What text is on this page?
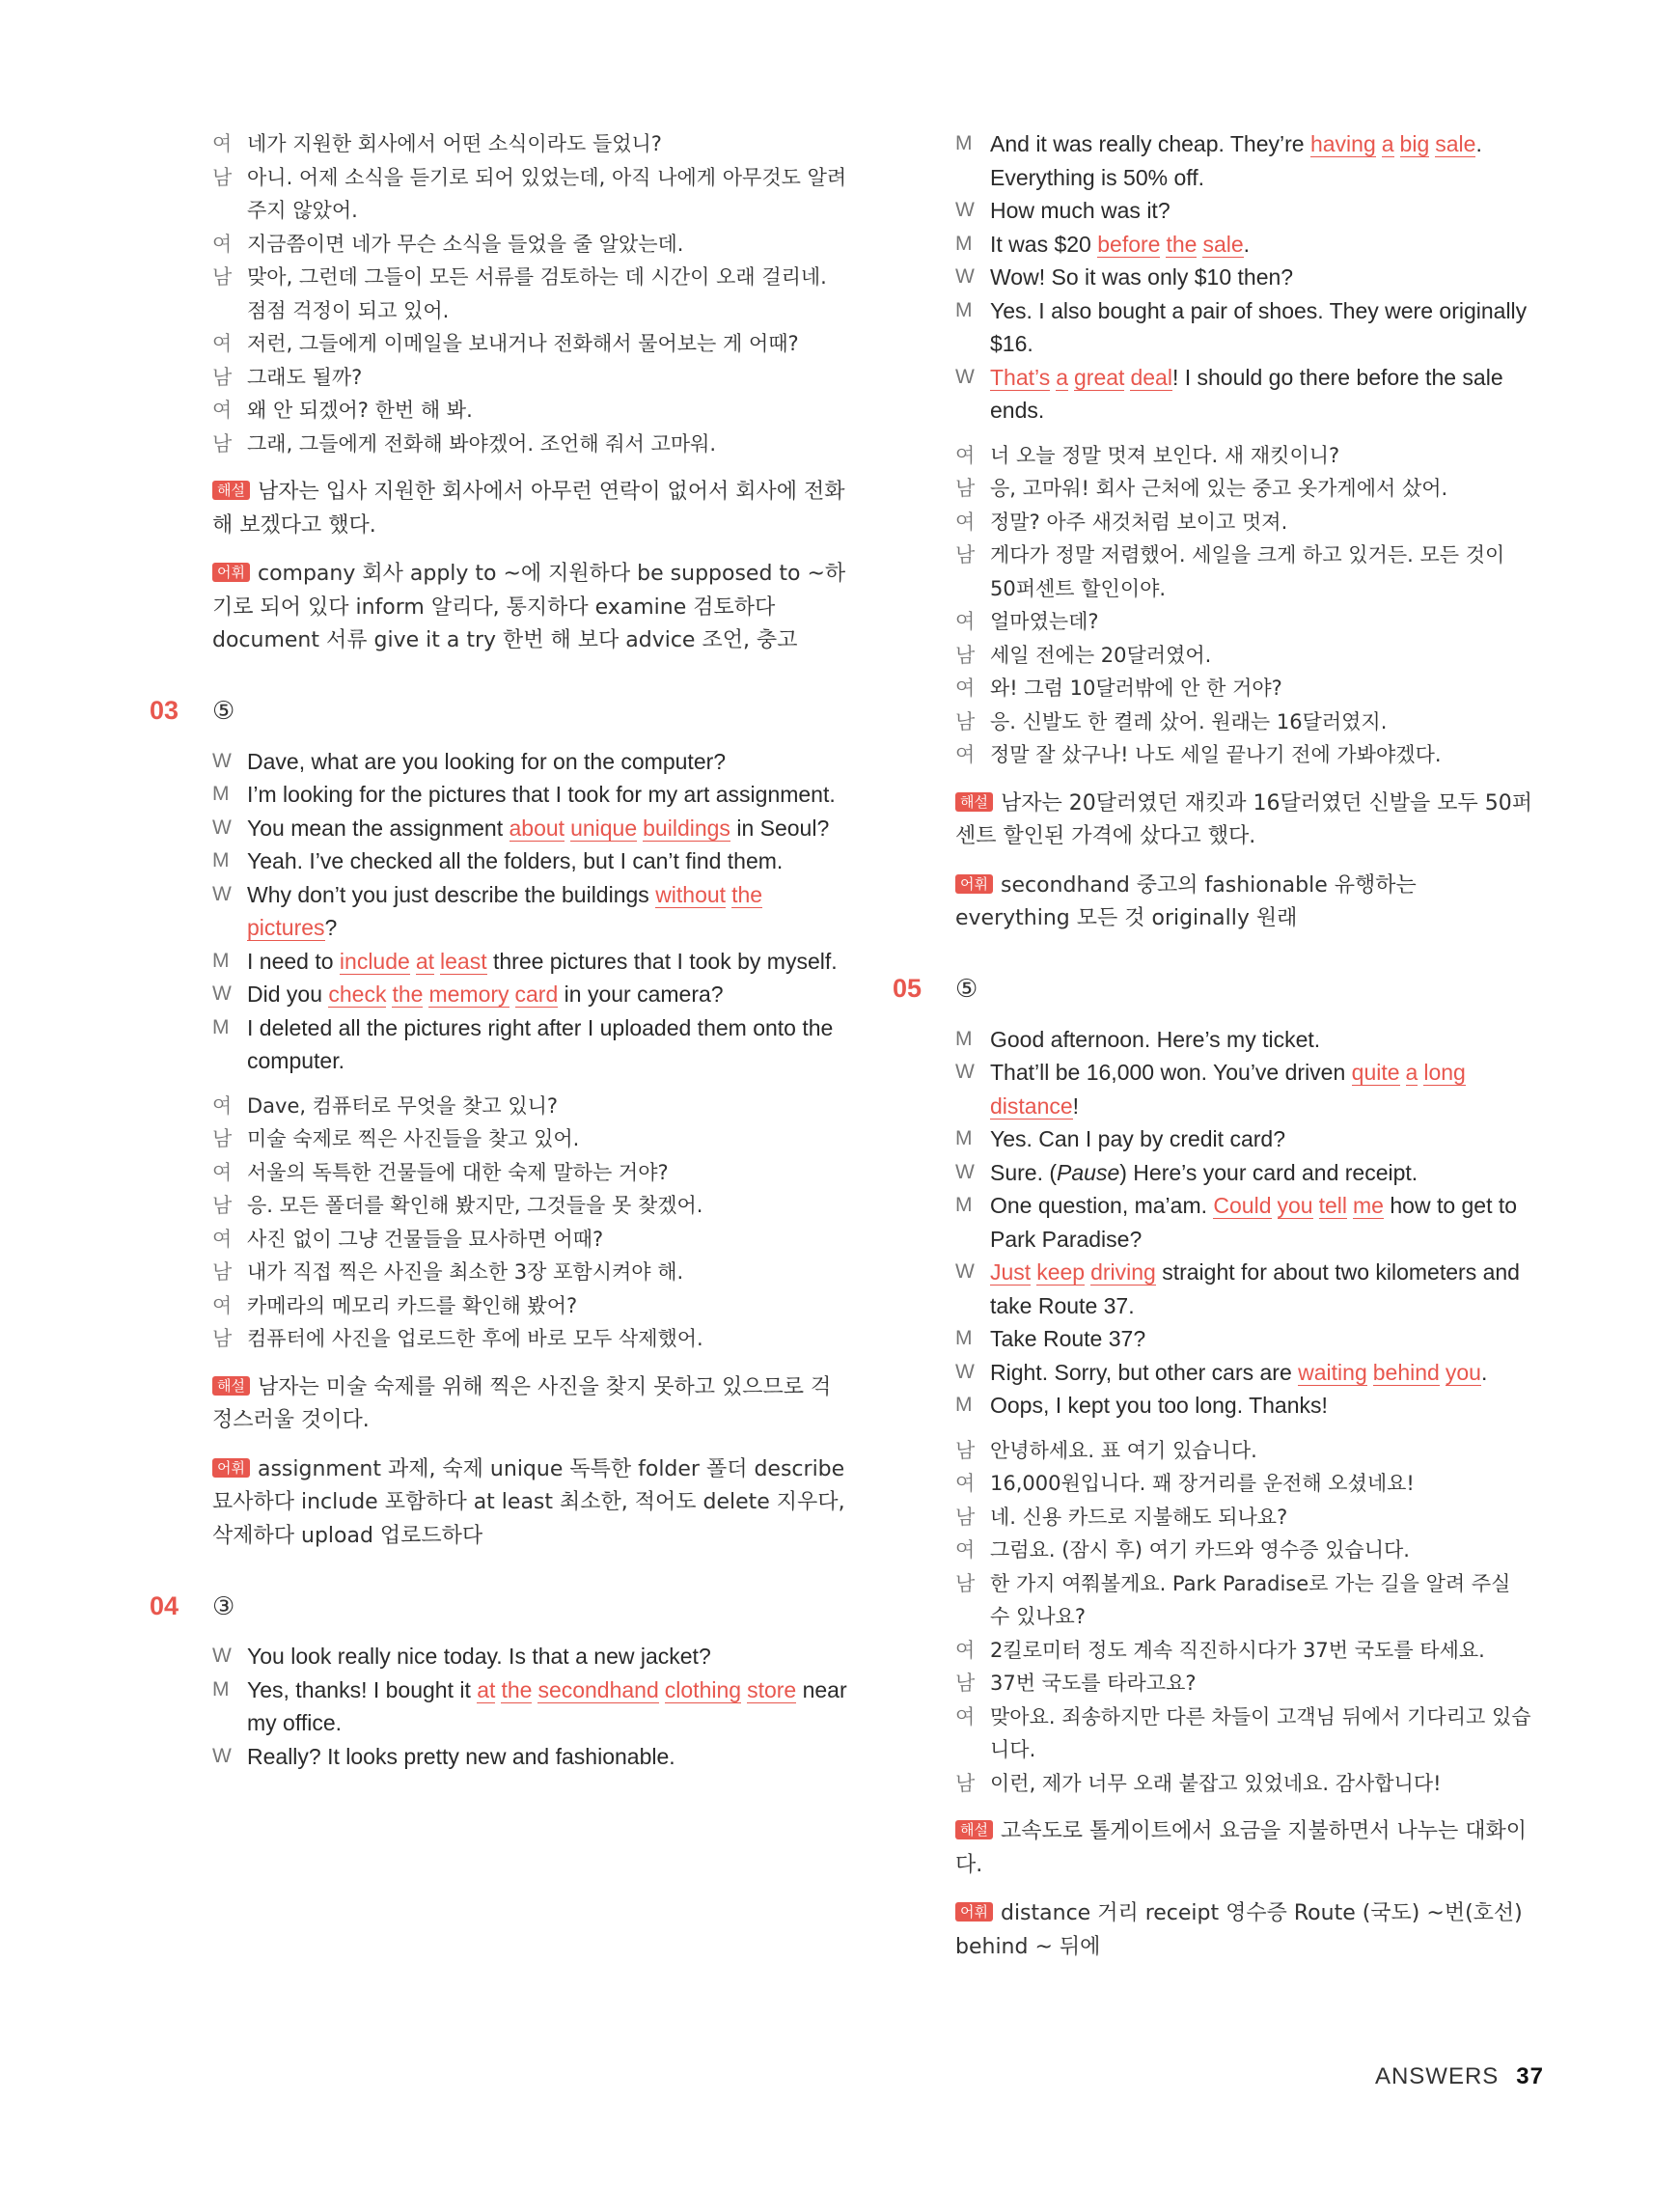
여 네가 지원한 회사에서 어떤 소식이라도 들었니?
남 아니. 어제 소식을 듣기로 되어 있었는데, 아직 나에게 아무것도 알려 주지 않았어.
여 지금쯤이면 네가 무슨 소식을 들었을 줄 알았는데.
남 맞아, 그런데 그들이 모든 서류를 검토하는 데 시간이 오래 걸리네. 점점 걱정이 되고 있어.
여 저런, 그들에게 이메일을 보내거나 전화해서 물어보는 게 어때?
남 그래도 될까?
여 왜 안 되겠어? 한번 해 봐.
남 그래, 그들에게 전화해 봐야겠어. 조언해 줘서 고마워.
해설 남자는 입사 지원한 회사에서 아무런 연락이 없어서 회사에 전화해 보겠다고 했다.
어휘 company 회사 apply to ~에 지원하다 be supposed to ~하기로 되어 있다 inform 알리다, 통지하다 examine 검토하다 document 서류 give it a try 한번 해 보다 advice 조언, 충고
03	⑤
W Dave, what are you looking for on the computer?
M I’m looking for the pictures that I took for my art assignment.
W You mean the assignment about unique buildings in Seoul?
M Yeah. I’ve checked all the folders, but I can’t find them.
W Why don’t you just describe the buildings without thepictures?
M I need to include at least three pictures that I took by myself.
W Did you check the memory card in your camera?
M I deleted all the pictures right after I uploaded them onto the computer.
여 Dave, 컴퓨터로 무엇을 찾고 있니?
남 미술 숙제로 찍은 사진들을 찾고 있어.
여 서울의 독특한 건물들에 대한 숙제 말하는 거야?
남 응. 모든 폴더를 확인해 봤지만, 그것들을 못 찾겠어.
여 사진 없이 그냥 건물들을 묘사하면 어때?
남 내가 직접 찍은 사진을 최소한 3장 포함시켜야 해.
여 카메라의 메모리 카드를 확인해 봤어?
남 컴퓨터에 사진을 업로드한 후에 바로 모두 삭제했어.
해설 남자는 미술 숙제를 위해 찍은 사진을 찾지 못하고 있으므로 걱정스러울 것이다.
어휘 assignment 과제, 숙제 unique 독특한 folder 폴더 describe 묘사하다 include 포함하다 at least 최소한, 적어도 delete 지우다, 삭제하다 upload 업로드하다
04	③
W You look really nice today. Is that a new jacket?
M Yes, thanks! I bought it at the secondhand clothing store near my office.
W Really? It looks pretty new and fashionable.
M And it was really cheap. They’re having a big sale. Everything is 50% off.
W How much was it?
M It was $20 before the sale.
W Wow! So it was only $10 then?
M Yes. I also bought a pair of shoes. They were originally $16.
W That’s a great deal! I should go there before the sale ends.
여 너 오늘 정말 멋져 보인다. 새 재킷이니?
남 응, 고마워! 회사 근처에 있는 중고 옷가게에서 샀어.
여 정말? 아주 새것처럼 보이고 멋져.
남 게다가 정말 저렴했어. 세일을 크게 하고 있거든. 모든 것이 50퍼센트 할인이야.
여 얼마였는데?
남 세일 전에는 20달러였어.
여 와! 그럼 10달러밖에 안 한 거야?
남 응. 신발도 한 켤레 샀어. 원래는 16달러였지.
여 정말 잘 샀구나! 나도 세일 끝나기 전에 가봐야겠다.
해설 남자는 20달러였던 재킷과 16달러였던 신발을 모두 50퍼센트 할인된 가격에 샀다고 했다.
어휘 secondhand 중고의 fashionable 유행하는 everything 모든 것 originally 원래
05	⑤
M Good afternoon. Here’s my ticket.
W That’ll be 16,000 won. You’ve driven quite a longdistance!
M Yes. Can I pay by credit card?
W Sure. (Pause) Here’s your card and receipt.
M One question, ma’am. Could you tell me how to get to Park Paradise?
W Just keep driving straight for about two kilometers and take Route 37.
M Take Route 37?
W Right. Sorry, but other cars are waiting behind you.
M Oops, I kept you too long. Thanks!
남 안녕하세요. 표 여기 있습니다.
여 16,000원입니다. 꽤 장거리를 운전해 오셨네요!
남 네. 신용 카드로 지불해도 되나요?
여 그럼요. (잠시 후) 여기 카드와 영수증 있습니다.
남 한 가지 여쭤볼게요. Park Paradise로 가는 길을 알려 주실 수 있나요?
여 2킬로미터 정도 계속 직진하시다가 37번 국도를 타세요.
남 37번 국도를 타라고요?
여 맞아요. 죄송하지만 다른 차들이 고객님 뒤에서 기다리고 있습니다.
남 이런, 제가 너무 오래 붙잡고 있었네요. 감사합니다!
해설 고속도로 톨게이트에서 요금을 지불하면서 나누는 대화이다.
어휘 distance 거리 receipt 영수증 Route (국도) ~번(호선) behind ~ 뒤에
ANSWERS 37
